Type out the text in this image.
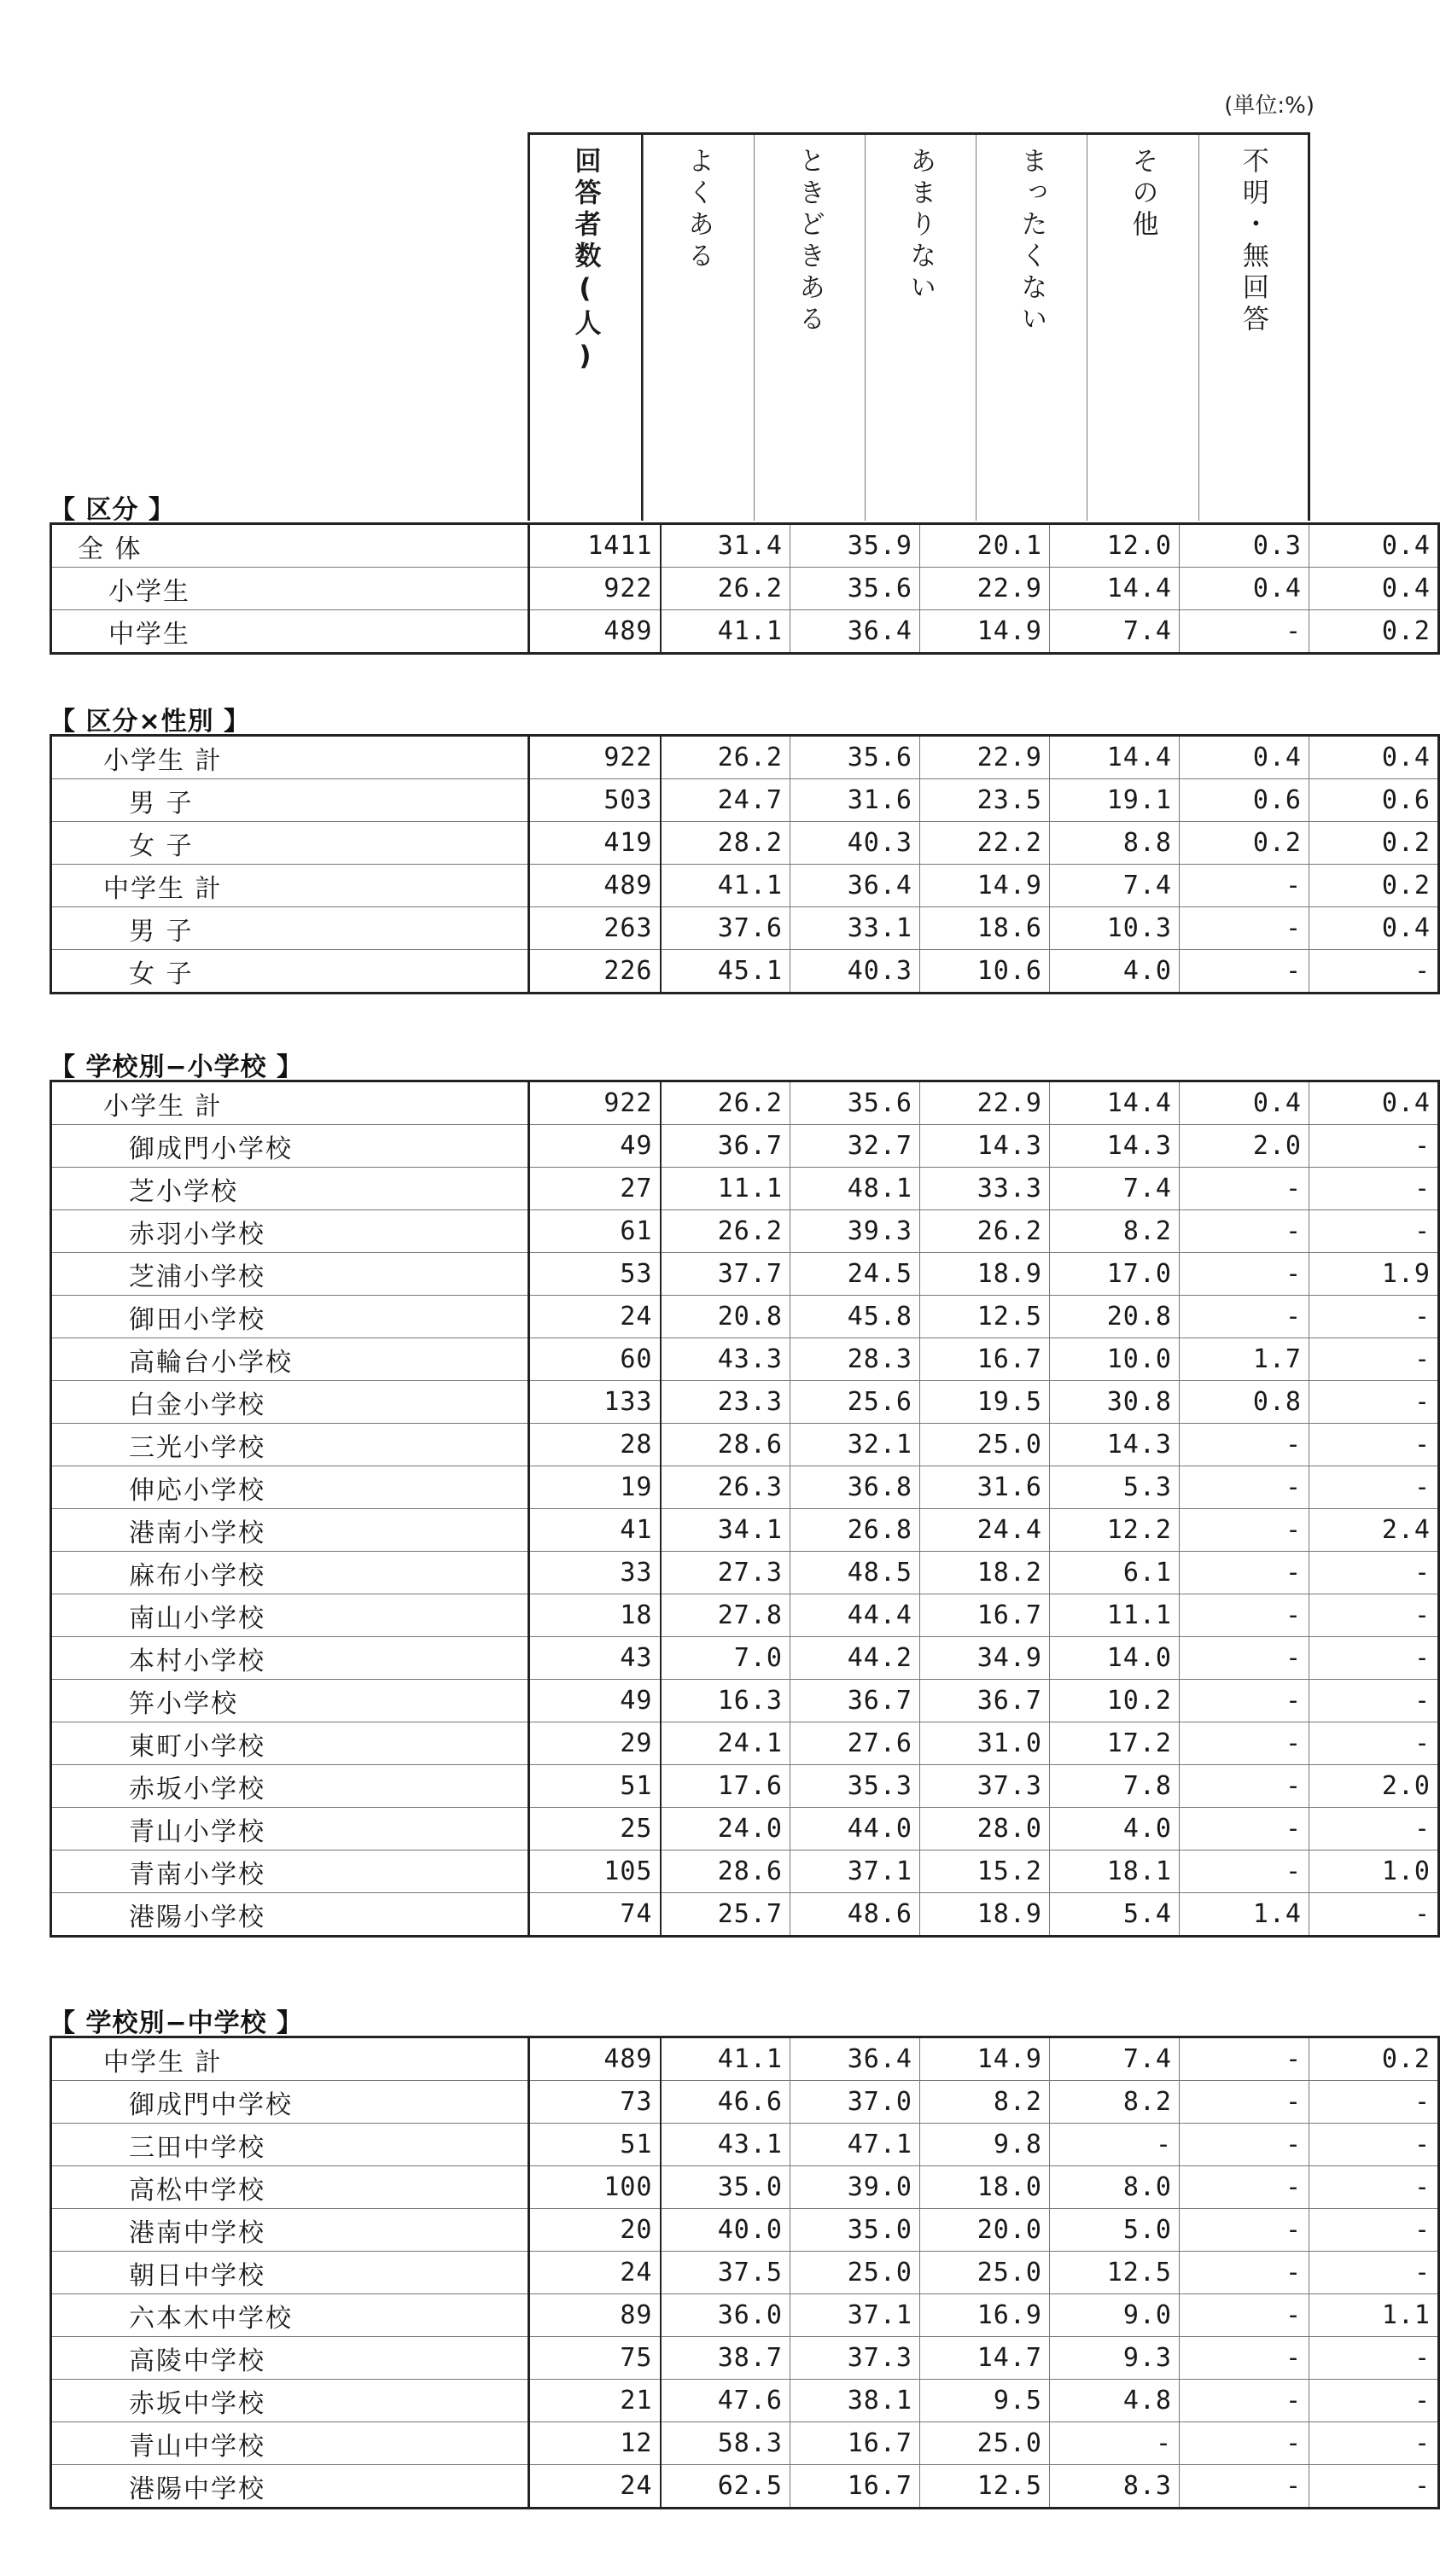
(単位:%)
回答者数(人)	よくある	ときどきある	あまりない	まったくない	その他	不明・無回答
【 区分 】
全 体	1411	31.4	35.9	20.1	12.0	0.3	0.4
小学生	922	26.2	35.6	22.9	14.4	0.4	0.4
中学生	489	41.1	36.4	14.9	7.4	-	0.2
【 区分×性別 】
小学生 計	922	26.2	35.6	22.9	14.4	0.4	0.4
男 子	503	24.7	31.6	23.5	19.1	0.6	0.6
女 子	419	28.2	40.3	22.2	8.8	0.2	0.2
中学生 計	489	41.1	36.4	14.9	7.4	-	0.2
男 子	263	37.6	33.1	18.6	10.3	-	0.4
女 子	226	45.1	40.3	10.6	4.0	-	-
【 学校別−小学校 】
小学生 計	922	26.2	35.6	22.9	14.4	0.4	0.4
御成門小学校	49	36.7	32.7	14.3	14.3	2.0	-
芝小学校	27	11.1	48.1	33.3	7.4	-	-
赤羽小学校	61	26.2	39.3	26.2	8.2	-	-
芝浦小学校	53	37.7	24.5	18.9	17.0	-	1.9
御田小学校	24	20.8	45.8	12.5	20.8	-	-
高輪台小学校	60	43.3	28.3	16.7	10.0	1.7	-
白金小学校	133	23.3	25.6	19.5	30.8	0.8	-
三光小学校	28	28.6	32.1	25.0	14.3	-	-
伸応小学校	19	26.3	36.8	31.6	5.3	-	-
港南小学校	41	34.1	26.8	24.4	12.2	-	2.4
麻布小学校	33	27.3	48.5	18.2	6.1	-	-
南山小学校	18	27.8	44.4	16.7	11.1	-	-
本村小学校	43	7.0	44.2	34.9	14.0	-	-
笄小学校	49	16.3	36.7	36.7	10.2	-	-
東町小学校	29	24.1	27.6	31.0	17.2	-	-
赤坂小学校	51	17.6	35.3	37.3	7.8	-	2.0
青山小学校	25	24.0	44.0	28.0	4.0	-	-
青南小学校	105	28.6	37.1	15.2	18.1	-	1.0
港陽小学校	74	25.7	48.6	18.9	5.4	1.4	-
【 学校別−中学校 】
中学生 計	489	41.1	36.4	14.9	7.4	-	0.2
御成門中学校	73	46.6	37.0	8.2	8.2	-	-
三田中学校	51	43.1	47.1	9.8	-	-	-
高松中学校	100	35.0	39.0	18.0	8.0	-	-
港南中学校	20	40.0	35.0	20.0	5.0	-	-
朝日中学校	24	37.5	25.0	25.0	12.5	-	-
六本木中学校	89	36.0	37.1	16.9	9.0	-	1.1
高陵中学校	75	38.7	37.3	14.7	9.3	-	-
赤坂中学校	21	47.6	38.1	9.5	4.8	-	-
青山中学校	12	58.3	16.7	25.0	-	-	-
港陽中学校	24	62.5	16.7	12.5	8.3	-	-
